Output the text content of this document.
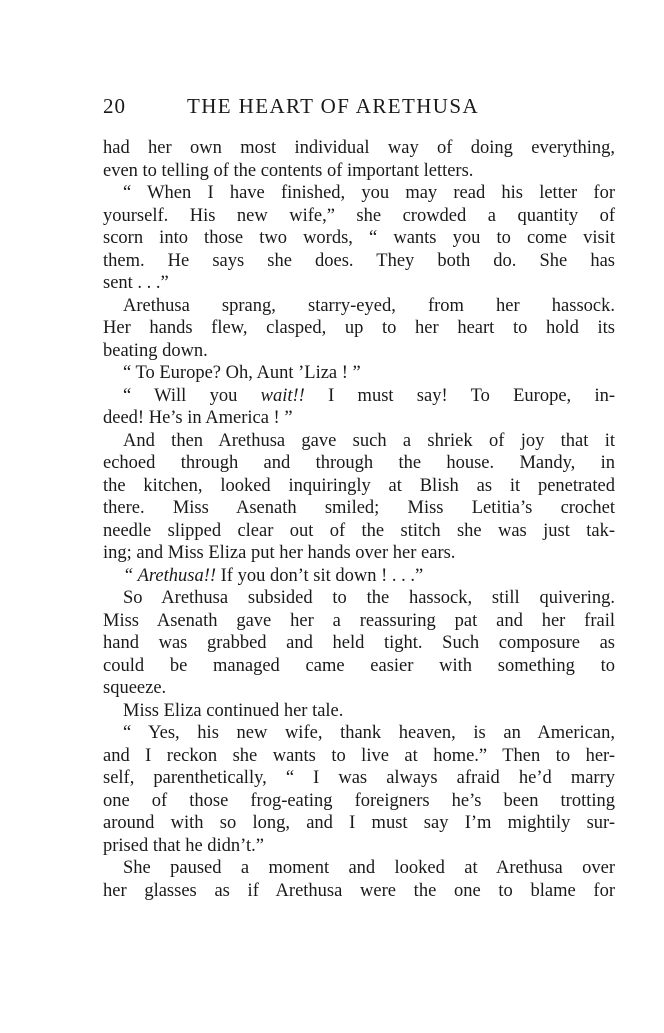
20	THE HEART OF ARETHUSA
had her own most individual way of doing everything,
even to telling of the contents of important letters.
“ When I have finished, you may read his letter for
yourself. His new wife,” she crowded a quantity of
scorn into those two words, “ wants you to come visit
them. He says she does. They both do. She has
sent . . .”
Arethusa sprang, starry-eyed, from her hassock.
Her hands flew, clasped, up to her heart to hold its
beating down.
“ To Europe? Oh, Aunt ’Liza ! ”
“ Will you wait!! I must say! To Europe, in-
deed! He’s in America ! ”
And then Arethusa gave such a shriek of joy that it
echoed through and through the house. Mandy, in
the kitchen, looked inquiringly at Blish as it penetrated
there. Miss Asenath smiled; Miss Letitia’s crochet
needle slipped clear out of the stitch she was just tak-
ing; and Miss Eliza put her hands over her ears.
“ Arethusa!! If you don’t sit down ! . . .”
So Arethusa subsided to the hassock, still quivering.
Miss Asenath gave her a reassuring pat and her frail
hand was grabbed and held tight. Such composure as
could be managed came easier with something to
squeeze.
Miss Eliza continued her tale.
“ Yes, his new wife, thank heaven, is an American,
and I reckon she wants to live at home.” Then to her-
self, parenthetically, “ I was always afraid he’d marry
one of those frog-eating foreigners he’s been trotting
around with so long, and I must say I’m mightily sur-
prised that he didn’t.”
She paused a moment and looked at Arethusa over
her glasses as if Arethusa were the one to blame for
